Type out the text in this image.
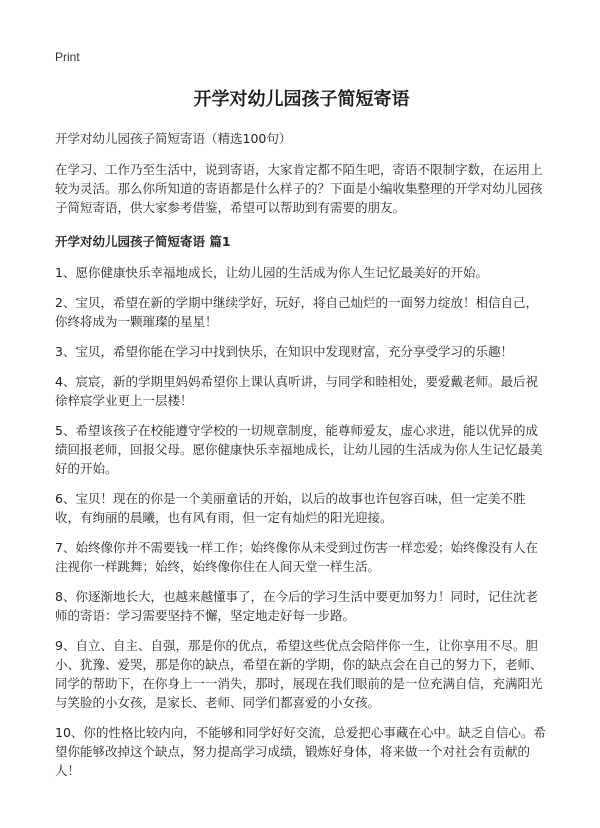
Print
开学对幼儿园孩子简短寄语

开学对幼儿园孩子简短寄语（精选100句）

在学习、工作乃至生活中，说到寄语，大家肯定都不陌生吧，寄语不限制字数，在运用上较为灵活。那么你所知道的寄语都是什么样子的？下面是小编收集整理的开学对幼儿园孩子简短寄语，供大家参考借鉴，希望可以帮助到有需要的朋友。

开学对幼儿园孩子简短寄语 篇1
1、愿你健康快乐幸福地成长，让幼儿园的生活成为你人生记忆最美好的开始。
2、宝贝，希望在新的学期中继续学好，玩好，将自己灿烂的一面努力绽放！相信自己，你终将成为一颗璀璨的星星！
3、宝贝，希望你能在学习中找到快乐，在知识中发现财富，充分享受学习的乐趣！
4、宸宸，新的学期里妈妈希望你上课认真听讲，与同学和睦相处，要爱戴老师。最后祝徐梓宸学业更上一层楼！
5、希望该孩子在校能遵守学校的一切规章制度，能尊师爱友，虚心求进，能以优异的成绩回报老师，回报父母。愿你健康快乐幸福地成长，让幼儿园的生活成为你人生记忆最美好的开始。
6、宝贝！现在的你是一个美丽童话的开始，以后的故事也许包容百味，但一定美不胜收，有绚丽的晨曦，也有风有雨，但一定有灿烂的阳光迎接。
7、始终像你并不需要钱一样工作；始终像你从未受到过伤害一样恋爱；始终像没有人在注视你一样跳舞；始终，始终像你住在人间天堂一样生活。
8、你逐渐地长大，也越来越懂事了，在今后的学习生活中要更加努力！同时，记住沈老师的寄语：学习需要坚持不懈，坚定地走好每一步路。
9、自立、自主、自强，那是你的优点，希望这些优点会陪伴你一生，让你享用不尽。胆小、犹豫、爱哭，那是你的缺点，希望在新的学期，你的缺点会在自己的努力下，老师、同学的帮助下，在你身上一一消失，那时，展现在我们眼前的是一位充满自信，充满阳光与笑脸的小女孩，是家长、老师、同学们都喜爱的小女孩。
10、你的性格比较内向，不能够和同学好好交流，总爱把心事藏在心中。缺乏自信心。希望你能够改掉这个缺点，努力提高学习成绩，锻炼好身体，将来做一个对社会有贡献的人！
